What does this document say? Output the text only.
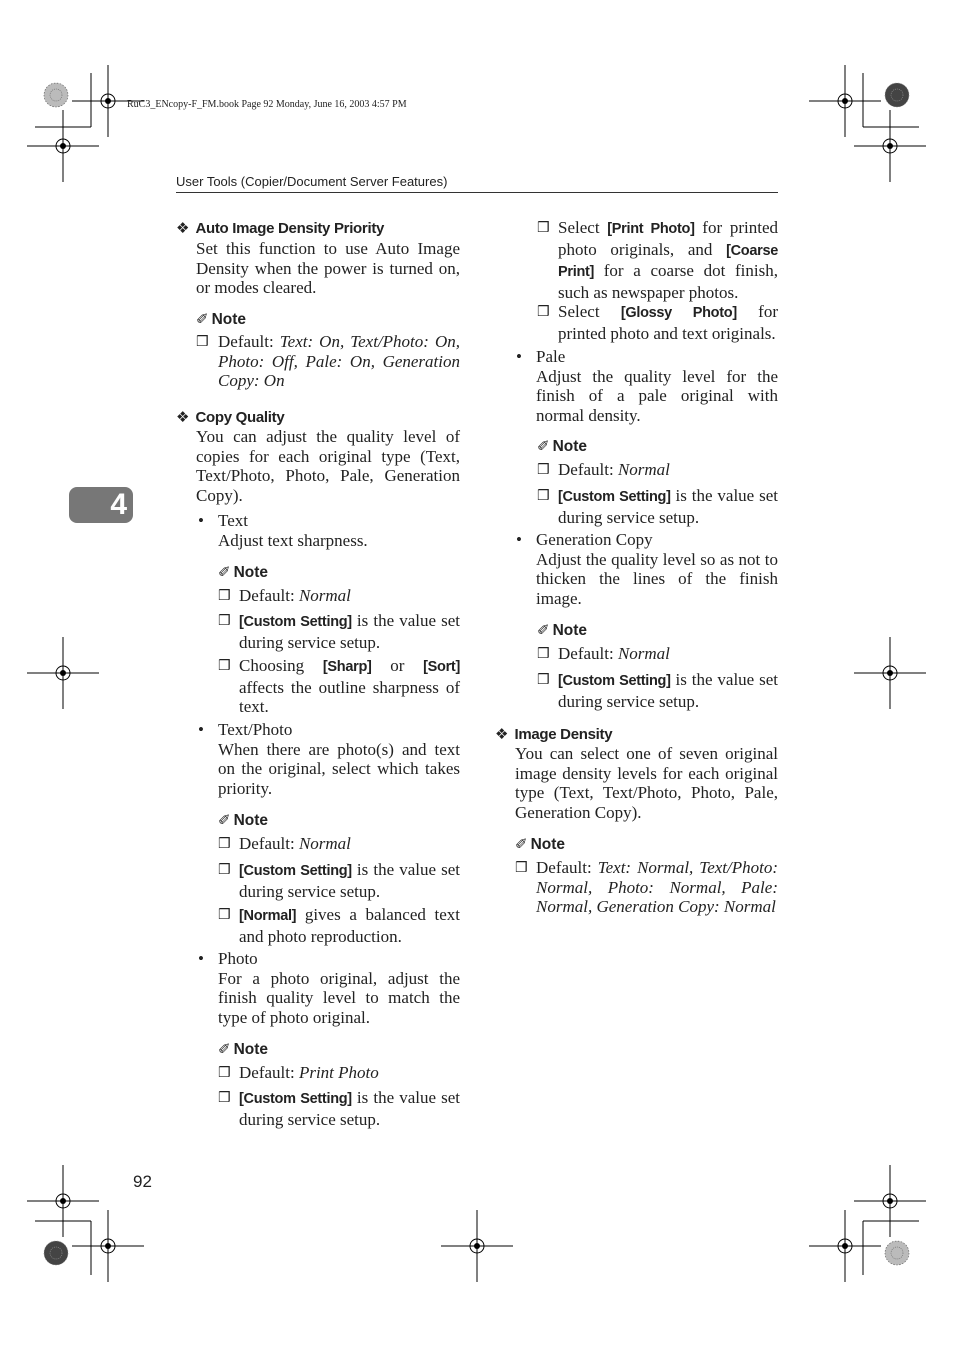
RuC3_ENcopy-F_FM.book Page 92 Monday, June 16, 2003 4:57 PM
User Tools (Copier/Document Server Features)
4
92
❖ Auto Image Density Priority
Set this function to use Auto Image Density when the power is turned on, or modes cleared.
✐ Note
❒ Default: Text: On, Text/Photo: On, Photo: Off, Pale: On, Generation Copy: On
❖ Copy Quality
You can adjust the quality level of copies for each original type (Text, Text/Photo, Photo, Pale, Generation Copy).
• Text
Adjust text sharpness.
✐ Note
❒ Default: Normal
❒ [Custom Setting] is the value set during service setup.
❒ Choosing [Sharp] or [Sort] affects the outline sharpness of text.
• Text/Photo
When there are photo(s) and text on the original, select which takes priority.
✐ Note
❒ Default: Normal
❒ [Custom Setting] is the value set during service setup.
❒ [Normal] gives a balanced text and photo reproduction.
• Photo
For a photo original, adjust the finish quality level to match the type of photo original.
✐ Note
❒ Default: Print Photo
❒ [Custom Setting] is the value set during service setup.
❒ Select [Print Photo] for printed photo originals, and [Coarse Print] for a coarse dot finish, such as newspaper photos.
❒ Select [Glossy Photo] for printed photo and text originals.
• Pale
Adjust the quality level for the finish of a pale original with normal density.
✐ Note
❒ Default: Normal
❒ [Custom Setting] is the value set during service setup.
• Generation Copy
Adjust the quality level so as not to thicken the lines of the finish image.
✐ Note
❒ Default: Normal
❒ [Custom Setting] is the value set during service setup.
❖ Image Density
You can select one of seven original image density levels for each original type (Text, Text/Photo, Photo, Pale, Generation Copy).
✐ Note
❒ Default: Text: Normal, Text/Photo: Normal, Photo: Normal, Pale: Normal, Generation Copy: Normal
